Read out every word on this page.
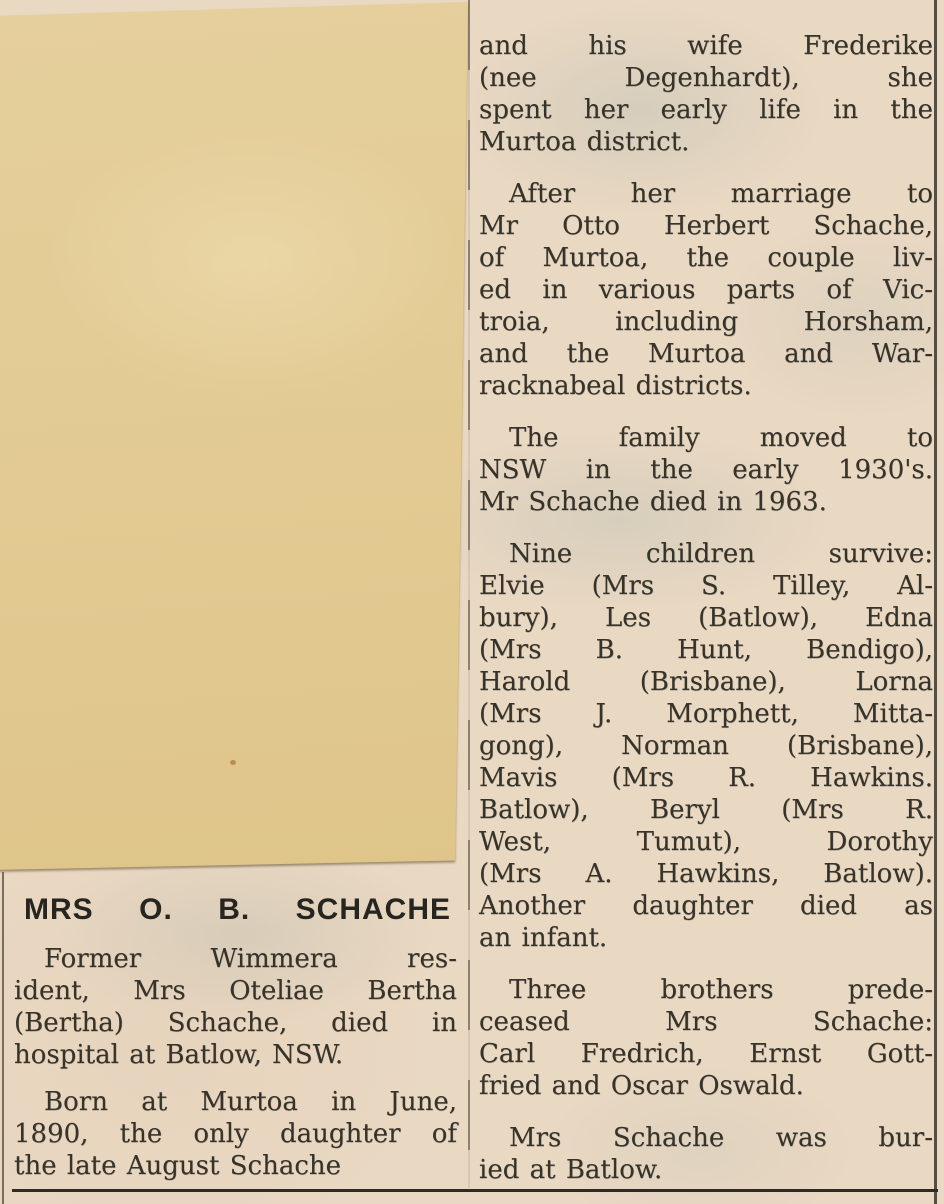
MRS O. B. SCHACHE
Former Wimmera res-
ident, Mrs Oteliae Bertha
(Bertha) Schache, died in
hospital at Batlow, NSW.
Born at Murtoa in June,
1890, the only daughter of
the late August Schache
and his wife Frederike
(nee Degenhardt), she
spent her early life in the
Murtoa district.
After her marriage to
Mr Otto Herbert Schache,
of Murtoa, the couple liv-
ed in various parts of Vic-
troia, including Horsham,
and the Murtoa and War-
racknabeal districts.
The family moved to
NSW in the early 1930's.
Mr Schache died in 1963.
Nine children survive:
Elvie (Mrs S. Tilley, Al-
bury), Les (Batlow), Edna
(Mrs B. Hunt, Bendigo),
Harold (Brisbane), Lorna
(Mrs J. Morphett, Mitta-
gong), Norman (Brisbane),
Mavis (Mrs R. Hawkins.
Batlow), Beryl (Mrs R.
West, Tumut), Dorothy
(Mrs A. Hawkins, Batlow).
Another daughter died as
an infant.
Three brothers prede-
ceased Mrs Schache:
Carl Fredrich, Ernst Gott-
fried and Oscar Oswald.
Mrs Schache was bur-
ied at Batlow.
